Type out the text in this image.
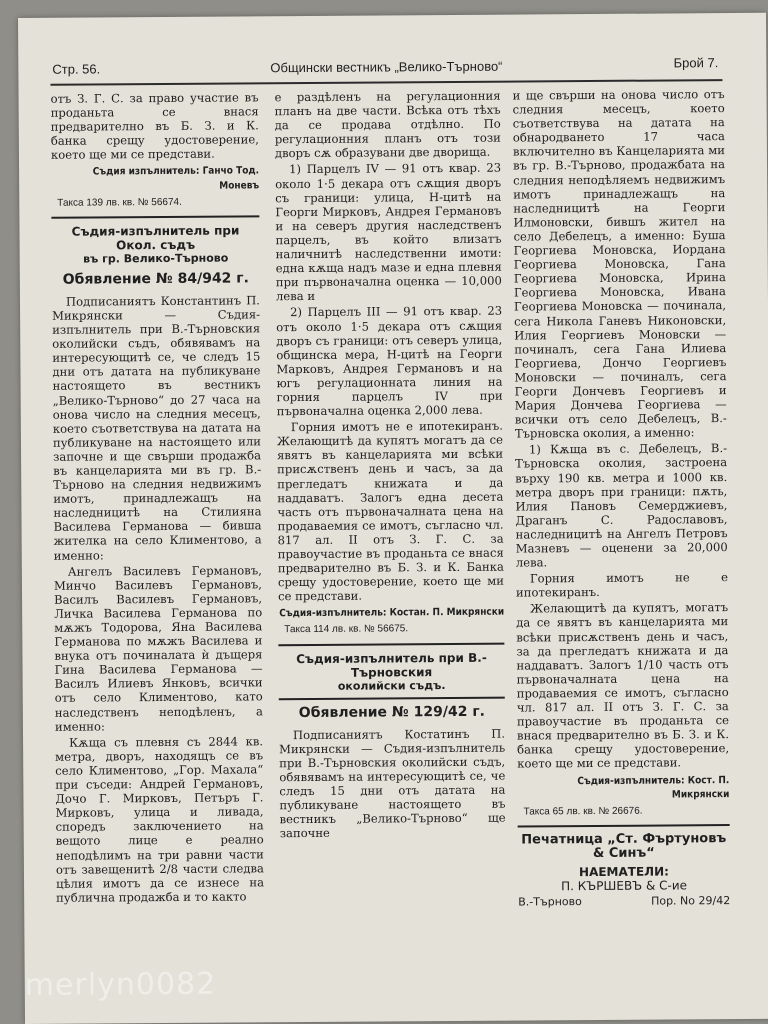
Стр. 56.	Общински вестникъ „Велико-Търново“	Брой 7.

отъ З. Г. С. за право участие въ проданьта се внася предварително въ Б. З. и К. банка срещу удостоверение, което ще ми се представи.

Съдия изпълнитель: Ганчо Тод. Моневъ
Такса 139 лв. кв. № 56674.
Съдия-изпълнитель при Окол. съдъ
въ гр. Велико-Търново
Обявление № 84/942 г.

Подписаниятъ Константинъ П. Микрянски — Съдия-изпълнитель при В.-Търновския околийски съдъ, обявявамъ на интересующитѣ се, че следъ 15 дни отъ датата на публикуване настоящето въ вестникъ „Велико-Търново“ до 27 часа на онова число на следния месецъ, което съответствува на датата на публикуване на настоящето или започне и ще свърши продажба въ канцеларията ми въ гр. В.-Търново на следния недвижимъ имотъ, принадлежащъ на наследницитѣ на Стилияна Василева Германова — бивша жителка на село Климентово, а именно:

Ангелъ Василевъ Германовъ, Минчо Василевъ Германовъ, Василъ Василевъ Германовъ, Личка Василева Германова по мѫжъ Тодорова, Яна Василева Германова по мѫжъ Василева и внука отъ починалата ѝ дъщеря Гина Василева Германова — Василъ Илиевъ Янковъ, всички отъ село Климентово, като наследственъ неподѣленъ, а именно:

Кѫща съ плевня съ 2844 кв. метра, дворъ, находящъ се въ село Климентово, „Гор. Махала“ при съседи: Андрей Германовъ, Дочо Г. Мирковъ, Петъръ Г. Мирковъ, улица и ливада, споредъ заключението на вещото лице е реално неподѣлимъ на три равни части отъ завещенитѣ 2/8 части следва цѣлия имотъ да се изнесе на публична продажба и то както

е раздѣленъ на регулационния планъ на две части. Всѣка отъ тѣхъ да се продава отдѣлно. По регулационния планъ отъ този дворъ сѫ образувани две дворища.

1) Парцелъ IV — 91 отъ квар. 23 около 1·5 декара отъ сѫщия дворъ съ граници: улица, Н-цитѣ на Георги Мирковъ, Андрея Германовъ и на северъ другия наследственъ парцелъ, въ който влизатъ наличнитѣ наследственни имоти: една кѫща надъ мазе и една плевня при първоначална оценка — 10,000 лева и

2) Парцелъ III — 91 отъ квар. 23 отъ около 1·5 декара отъ сѫщия дворъ съ граници: отъ северъ улица, общинска мера, Н-цитѣ на Георги Марковъ, Андрея Германовъ и на югъ регулационната линия на горния парцелъ IV при първоначална оценка 2,000 лева.

Горния имотъ не е ипотекиранъ. Желающитѣ да купятъ могатъ да се явятъ въ канцеларията ми всѣки присѫственъ день и часъ, за да прегледатъ книжата и да наддаватъ. Залогъ една десета часть отъ първоначалната цена на продаваемия се имотъ, съгласно чл. 817 ал. II отъ З. Г. С. за правоучастие въ проданьта се внася предварително въ Б. З. и К. Банка срещу удостоверение, което ще ми се представи.

Съдия-изпълнитель: Костан. П. Микрянски
Такса 114 лв. кв. № 56675.
Съдия-изпълнитель при В.-Търновския
околийски съдъ.
Обявление № 129/42 г.

Подписаниятъ Костатинъ П. Микрянски — Съдия-изпълнитель при В.-Търновския околийски съдъ, обявявамъ на интересующитѣ се, че следъ 15 дни отъ датата на публикуване настоящето въ вестникъ „Велико-Търново“ ще започне

и ще свърши на онова число отъ следния месецъ, което съответствува на датата на обнародването 17 часа включително въ Канцеларията ми въ гр. В.-Търново, продажбата на следния неподѣляемъ недвижимъ имотъ принадлежащъ на наследницитѣ на Георги Илмоновски, бившъ жител на село Дебелецъ, а именно: Буша Георгиева Моновска, Иордана Георгиева Моновска, Гана Георгиева Моновска, Ирина Георгиева Моновска, Ивана Георгиева Моновска — починала, сега Никола Ганевъ Никоновски, Илия Георгиевъ Моновски — починалъ, сега Гана Илиева Георгиева, Дончо Георгиевъ Моновски — починалъ, сега Георги Дончевъ Георгиевъ и Мария Дончева Георгиева — всички отъ село Дебелецъ, В.-Търновска околия, а именно:

1) Кѫща въ с. Дебелецъ, В.-Търновска околия, застроена върху 190 кв. метра и 1000 кв. метра дворъ при граници: пѫть, Илия Пановъ Семерджиевъ, Драганъ С. Радославовъ, наследницитѣ на Ангелъ Петровъ Мазневъ — оценени за 20,000 лева.

Горния имотъ не е ипотекиранъ.

Желающитѣ да купятъ, могатъ да се явятъ въ канцеларията ми всѣки присѫственъ день и часъ, за да прегледатъ книжата и да наддаватъ. Залогъ 1/10 часть отъ първоначалната цена на продаваемия се имотъ, съгласно чл. 817 ал. II отъ З. Г. С. за правоучастие въ проданьта се внася предварително въ Б. З. и К. банка срещу удостоверение, което ще ми се представи.

Съдия-изпълнитель: Кост. П. Микрянски
Такса 65 лв. кв. № 26676.
Печатница „Ст. Фъртуновъ & Синъ“
НАЕМАТЕЛИ:
П. КЪРШЕВЪ & С-ие
В.-Търново	Пор. No 29/42
merlyn0082
